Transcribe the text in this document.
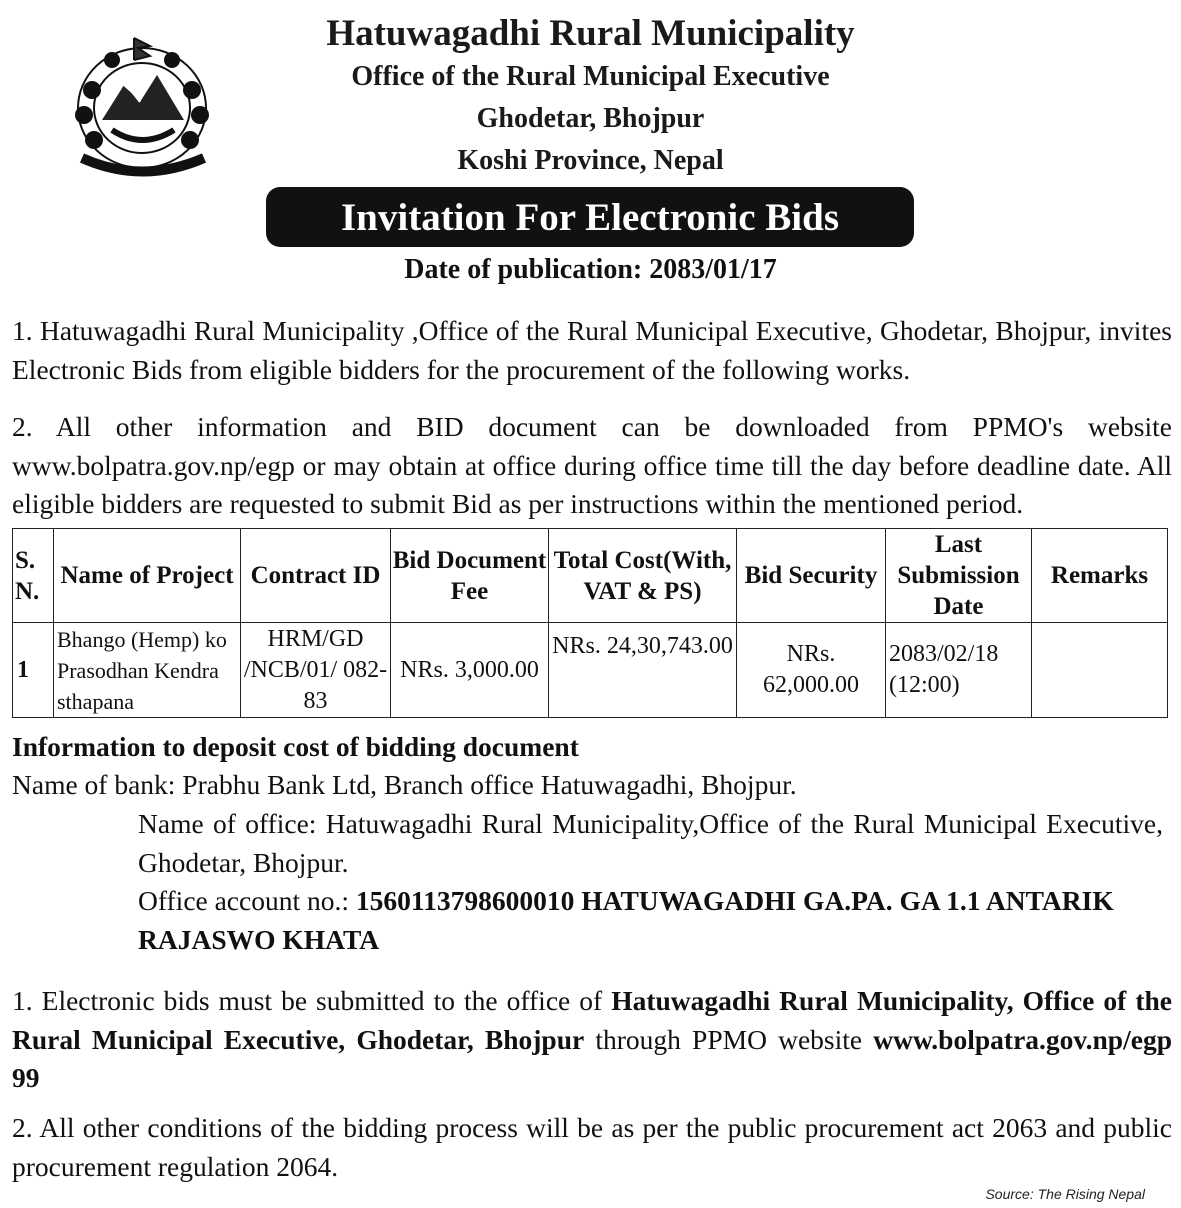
Hatuwagadhi Rural Municipality
Office of the Rural Municipal Executive
Ghodetar, Bhojpur
Koshi Province, Nepal
Invitation For Electronic Bids
Date of publication: 2083/01/17
1. Hatuwagadhi Rural Municipality ,Office of the Rural Municipal Executive, Ghodetar, Bhojpur, invites Electronic Bids from eligible bidders for the procurement of the following works.
2. All other information and BID document can be downloaded from PPMO's website www.bolpatra.gov.np/egp or may obtain at office during office time till the day before deadline date. All eligible bidders are requested to submit Bid as per instructions within the mentioned period.
S. N.	Name of Project	Contract ID	Bid Document Fee	Total Cost(With, VAT & PS)	Bid Security	Last Submission Date	Remarks
1	Bhango (Hemp) ko Prasodhan Kendra sthapana	HRM/GD /NCB/01/ 082-83	NRs. 3,000.00	NRs. 24,30,743.00	NRs. 62,000.00	2083/02/18 (12:00)	
Information to deposit cost of bidding document
Name of bank: Prabhu Bank Ltd, Branch office Hatuwagadhi, Bhojpur.
Name of office: Hatuwagadhi Rural Municipality,Office of the Rural Municipal Executive, Ghodetar, Bhojpur.
Office account no.: 1560113798600010 HATUWAGADHI GA.PA. GA 1.1 ANTARIK RAJASWO KHATA
1. Electronic bids must be submitted to the office of Hatuwagadhi Rural Municipality, Office of the Rural Municipal Executive, Ghodetar, Bhojpur through PPMO website www.bolpatra.gov.np/egp 99
2. All other conditions of the bidding process will be as per the public procurement act 2063 and public procurement regulation 2064.
Source: The Rising Nepal
